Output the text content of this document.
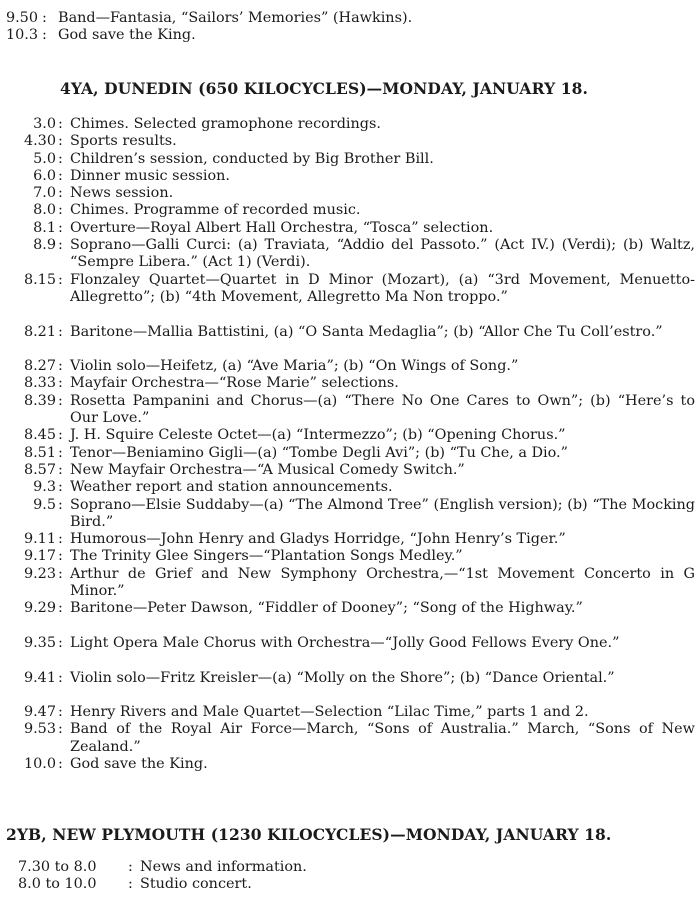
9.50 Band—Fantasia, “Sailors’ Memories” (Hawkins).
:
10.3 God save the King.
:
4YA, DUNEDIN (650 KILOCYCLES)—MONDAY, JANUARY 18.
3.0 : Chimes. Selected gramophone recordings.
4.30 : Sports results.
5.0 : Children’s session, conducted by Big Brother Bill.
6.0 : Dinner music session.
7.0 : News session.
8.0 : Chimes. Programme of recorded music.
8.1 : Overture—Royal Albert Hall Orchestra, “Tosca” selection.
8.9 : Soprano—Galli Curci: (a) Traviata, “Addio del Passoto.” (Act IV.) (Verdi); (b) Waltz, “Sempre Libera.” (Act 1) (Verdi).
8.15 : Flonzaley Quartet—Quartet in D Minor (Mozart), (a) “3rd Movement, Menuetto-Allegretto”; (b) “4th Movement, Allegretto Ma Non troppo.”
8.21 : Baritone—Mallia Battistini, (a) “O Santa Medaglia”; (b) “Allor Che Tu Coll’estro.”
8.27 : Violin solo—Heifetz, (a) “Ave Maria”; (b) “On Wings of Song.”
8.33 : Mayfair Orchestra—“Rose Marie” selections.
8.39 : Rosetta Pampanini and Chorus—(a) “There No One Cares to Own”; (b) “Here’s to Our Love.”
8.45 : J. H. Squire Celeste Octet—(a) “Intermezzo”; (b) “Opening Chorus.”
8.51 : Tenor—Beniamino Gigli—(a) “Tombe Degli Avi”; (b) “Tu Che, a Dio.”
8.57 : New Mayfair Orchestra—“A Musical Comedy Switch.”
9.3 : Weather report and station announcements.
9.5 : Soprano—Elsie Suddaby—(a) “The Almond Tree” (English version); (b) “The Mocking Bird.”
9.11 : Humorous—John Henry and Gladys Horridge, “John Henry’s Tiger.”
9.17 : The Trinity Glee Singers—“Plantation Songs Medley.”
9.23 : Arthur de Grief and New Symphony Orchestra,—“1st Movement Concerto in G Minor.”
9.29 : Baritone—Peter Dawson, “Fiddler of Dooney”; “Song of the Highway.”
9.35 : Light Opera Male Chorus with Orchestra—“Jolly Good Fellows Every One.”
9.41 : Violin solo—Fritz Kreisler—(a) “Molly on the Shore”; (b) “Dance Oriental.”
9.47 : Henry Rivers and Male Quartet—Selection “Lilac Time,” parts 1 and 2.
9.53 : Band of the Royal Air Force—March, “Sons of Australia.” March, “Sons of New Zealand.”
10.0 : God save the King.
2YB, NEW PLYMOUTH (1230 KILOCYCLES)—MONDAY, JANUARY 18.
7.30 to 8.0	: News and information.
8.0 to 10.0	: Studio concert.
